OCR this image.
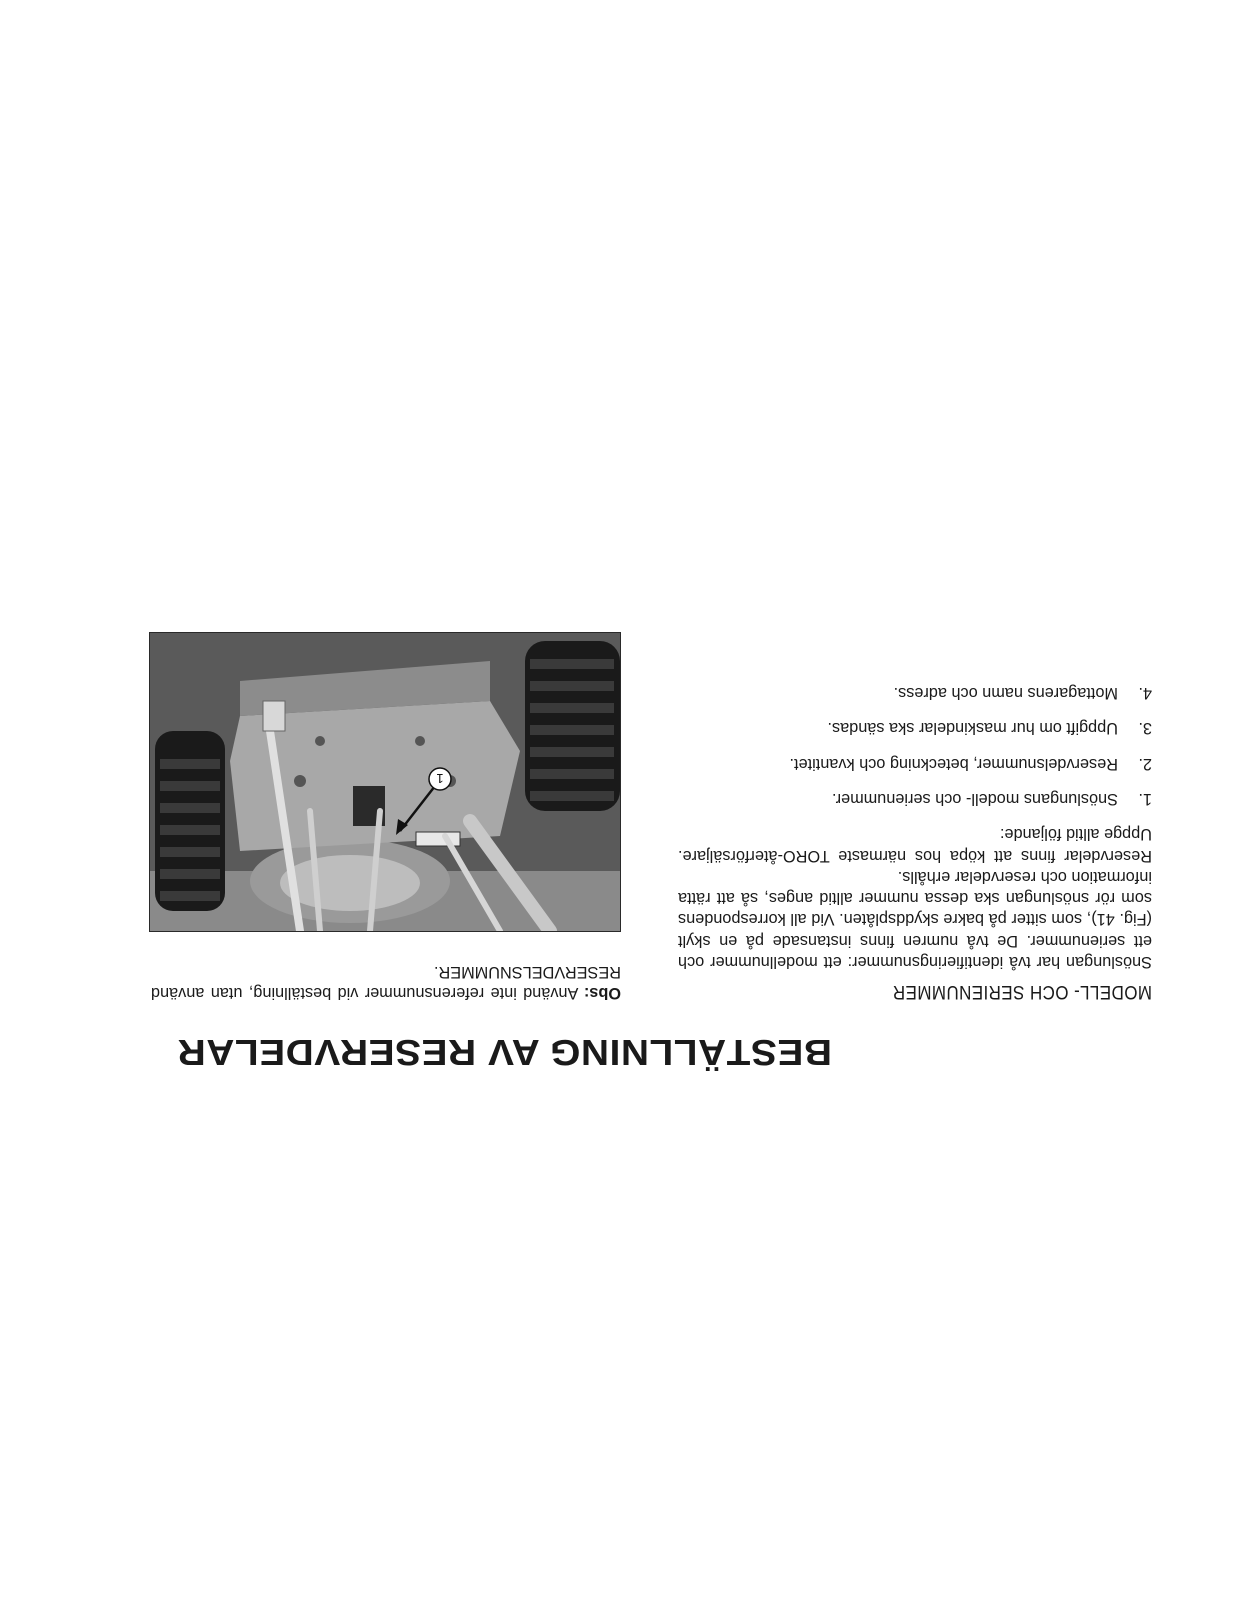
BESTÄLLNING AV RESERVDELAR
MODELL- OCH SERIENUMMER

Snöslungan har två identifieringsnummer: ett modellnummer och ett serienummer. De två numren finns instansade på en skylt (Fig. 41), som sitter på bakre skyddsplåten. Vid all korrespondens som rör snöslungan ska dessa nummer alltid anges, så att rätta information och reservdelar erhålls.

Reservdelar finns att köpa hos närmaste TORO-återförsäljare. Uppge alltid följande:

1.
Snöslungans modell- och serienummer.
2.
Reservdelsnummer, beteckning och kvantitet.
3.
Uppgift om hur maskindelar ska sändas.
4.
Mottagarens namn och adress.

Obs: Använd inte referensnummer vid beställning, utan använd RESERVDELSNUMMER.

1
